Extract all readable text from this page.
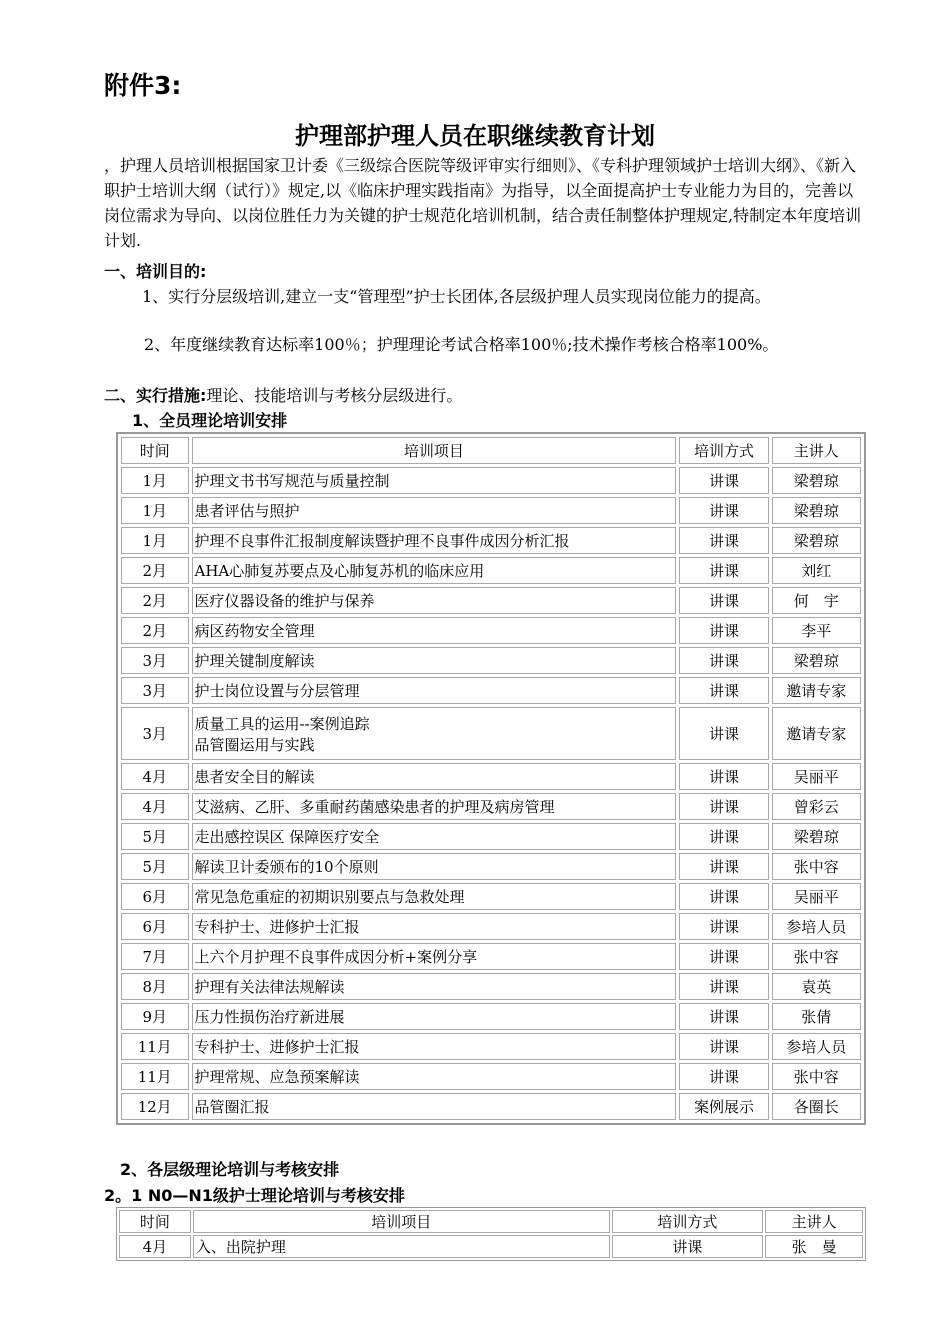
附件3:
护理部护理人员在职继续教育计划
，护理人员培训根据国家卫计委《三级综合医院等级评审实行细则》、《专科护理领域护士培训大纲》、《新入职护士培训大纲（试行）》规定,以《临床护理实践指南》为指导，以全面提高护士专业能力为目的，完善以岗位需求为导向、以岗位胜任力为关键的护士规范化培训机制，结合责任制整体护理规定,特制定本年度培训计划.
一、培训目的:
1、实行分层级培训,建立一支“管理型”护士长团体,各层级护理人员实现岗位能力的提高。
2、年度继续教育达标率100％；护理理论考试合格率100％;技术操作考核合格率100%。
二、实行措施:理论、技能培训与考核分层级进行。
1、全员理论培训安排
时间	培训项目	培训方式	主讲人
1月	护理文书书写规范与质量控制	讲课	梁碧琼
1月	患者评估与照护	讲课	梁碧琼
1月	护理不良事件汇报制度解读暨护理不良事件成因分析汇报	讲课	梁碧琼
2月	AHA心肺复苏要点及心肺复苏机的临床应用	讲课	刘红
2月	医疗仪器设备的维护与保养	讲课	何　宇
2月	病区药物安全管理	讲课	李平
3月	护理关键制度解读	讲课	梁碧琼
3月	护士岗位设置与分层管理	讲课	邀请专家
3月	质量工具的运用--案例追踪
品管圈运用与实践	讲课	邀请专家
4月	患者安全目的解读	讲课	吴丽平
4月	艾滋病、乙肝、多重耐药菌感染患者的护理及病房管理	讲课	曾彩云
5月	走出感控误区 保障医疗安全	讲课	梁碧琼
5月	解读卫计委颁布的10个原则	讲课	张中容
6月	常见急危重症的初期识别要点与急救处理	讲课	吴丽平
6月	专科护士、进修护士汇报	讲课	参培人员
7月	上六个月护理不良事件成因分析+案例分享	讲课	张中容
8月	护理有关法律法规解读	讲课	袁英
9月	压力性损伤治疗新进展	讲课	张倩
11月	专科护士、进修护士汇报	讲课	参培人员
11月	护理常规、应急预案解读	讲课	张中容
12月	品管圈汇报	案例展示	各圈长
2、各层级理论培训与考核安排
2。1 N0—N1级护士理论培训与考核安排
时间	培训项目	培训方式	主讲人
4月	入、出院护理	讲课	张　曼
